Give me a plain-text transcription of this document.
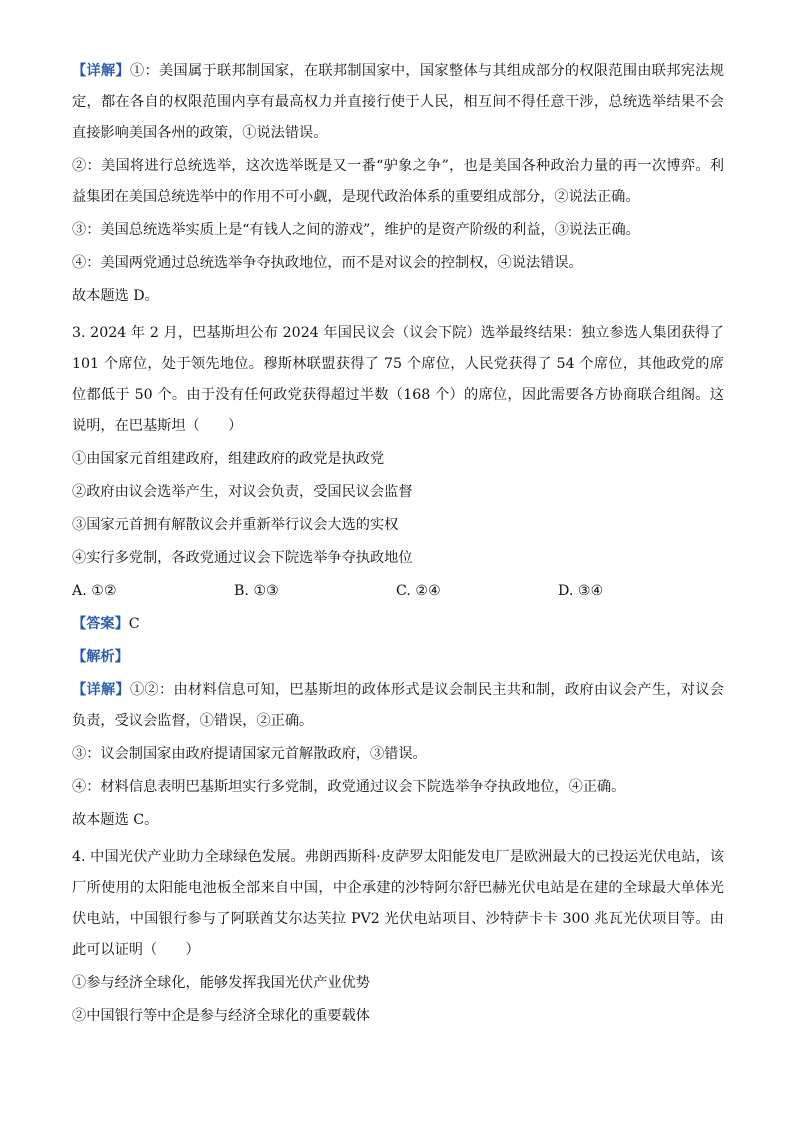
【详解】①：美国属于联邦制国家，在联邦制国家中，国家整体与其组成部分的权限范围由联邦宪法规定，都在各自的权限范围内享有最高权力并直接行使于人民，相互间不得任意干涉，总统选举结果不会直接影响美国各州的政策，①说法错误。

②：美国将进行总统选举，这次选举既是又一番“驴象之争”，也是美国各种政治力量的再一次博弈。利益集团在美国总统选举中的作用不可小觑，是现代政治体系的重要组成部分，②说法正确。

③：美国总统选举实质上是“有钱人之间的游戏”，维护的是资产阶级的利益，③说法正确。

④：美国两党通过总统选举争夺执政地位，而不是对议会的控制权，④说法错误。

故本题选 D。

3. 2024 年 2 月，巴基斯坦公布 2024 年国民议会（议会下院）选举最终结果：独立参选人集团获得了 101 个席位，处于领先地位。穆斯林联盟获得了 75 个席位，人民党获得了 54 个席位，其他政党的席位都低于 50 个。由于没有任何政党获得超过半数（168 个）的席位，因此需要各方协商联合组阁。这说明，在巴基斯坦（　　）

①由国家元首组建政府，组建政府的政党是执政党

②政府由议会选举产生，对议会负责，受国民议会监督

③国家元首拥有解散议会并重新举行议会大选的实权

④实行多党制，各政党通过议会下院选举争夺执政地位

A. ①②	B. ①③	C. ②④	D. ③④

【答案】C

【解析】

【详解】①②：由材料信息可知，巴基斯坦的政体形式是议会制民主共和制，政府由议会产生，对议会负责，受议会监督，①错误，②正确。

③：议会制国家由政府提请国家元首解散政府，③错误。

④：材料信息表明巴基斯坦实行多党制，政党通过议会下院选举争夺执政地位，④正确。

故本题选 C。

4. 中国光伏产业助力全球绿色发展。弗朗西斯科·皮萨罗太阳能发电厂是欧洲最大的已投运光伏电站，该厂所使用的太阳能电池板全部来自中国，中企承建的沙特阿尔舒巴赫光伏电站是在建的全球最大单体光伏电站，中国银行参与了阿联酋艾尔达芙拉 PV2 光伏电站项目、沙特萨卡卡 300 兆瓦光伏项目等。由此可以证明（　　）

①参与经济全球化，能够发挥我国光伏产业优势

②中国银行等中企是参与经济全球化的重要载体
